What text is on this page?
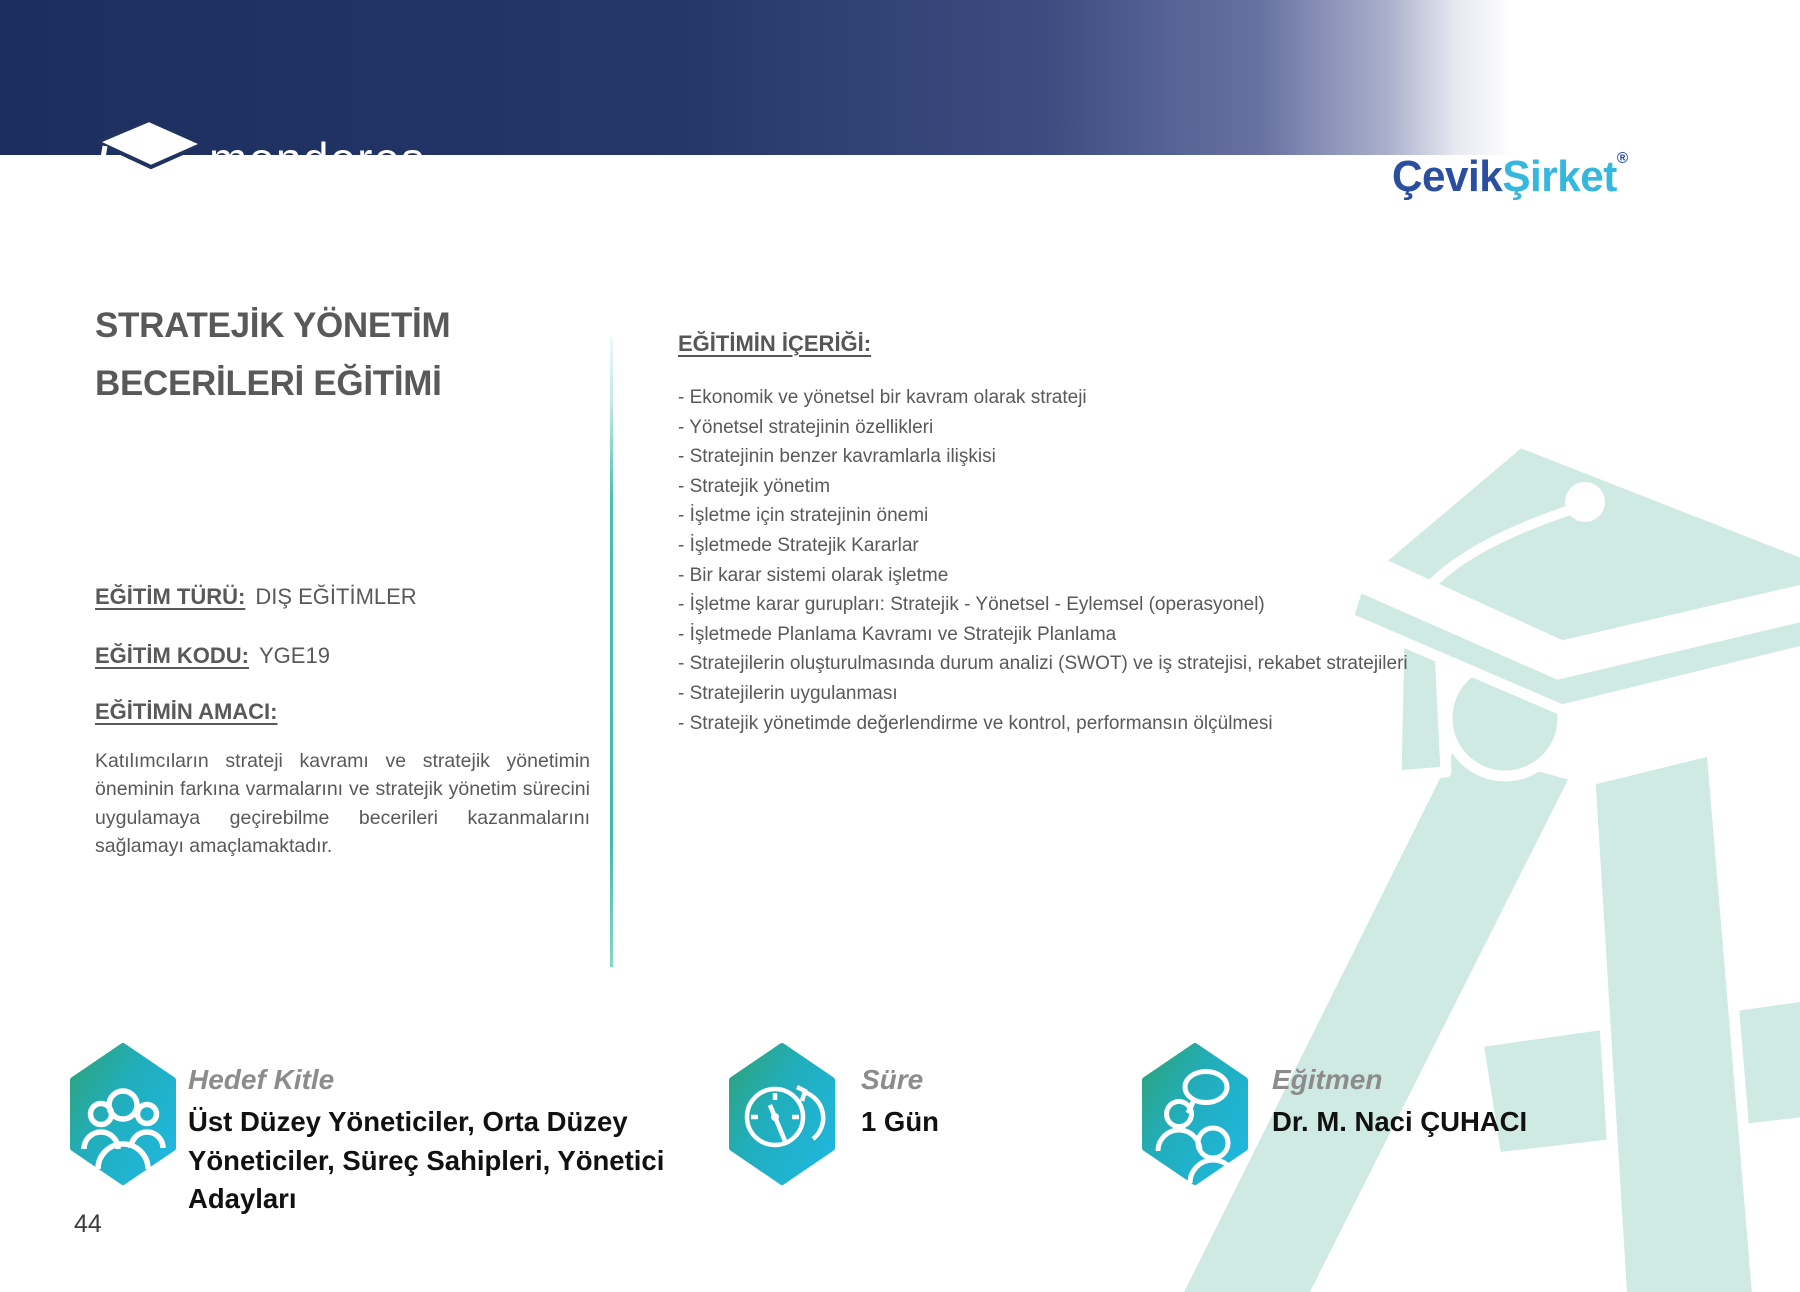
menderes
AKADEMİ
ÇevikŞirket®
STRATEJİK YÖNETİM
BECERİLERİ EĞİTİMİ
EĞİTİM TÜRÜ: DIŞ EĞİTİMLER
EĞİTİM KODU: YGE19
EĞİTİMİN AMACI:
Katılımcıların strateji kavramı ve stratejik yönetimin öneminin farkına varmalarını ve stratejik yönetim sürecini uygulamaya geçirebilme becerileri kazanmalarını sağlamayı amaçlamaktadır.
EĞİTİMİN İÇERİĞİ:
- Ekonomik ve yönetsel bir kavram olarak strateji
- Yönetsel stratejinin özellikleri
- Stratejinin benzer kavramlarla ilişkisi
- Stratejik yönetim
- İşletme için stratejinin önemi
- İşletmede Stratejik Kararlar
- Bir karar sistemi olarak işletme
- İşletme karar gurupları: Stratejik - Yönetsel - Eylemsel (operasyonel)
- İşletmede Planlama Kavramı ve Stratejik Planlama
- Stratejilerin oluşturulmasında durum analizi (SWOT) ve iş stratejisi, rekabet stratejileri
- Stratejilerin uygulanması
- Stratejik yönetimde değerlendirme ve kontrol, performansın ölçülmesi
Hedef Kitle
Üst Düzey Yöneticiler, Orta Düzey Yöneticiler, Süreç Sahipleri, Yönetici Adayları
Süre
1 Gün
Eğitmen
Dr. M. Naci ÇUHACI
44
